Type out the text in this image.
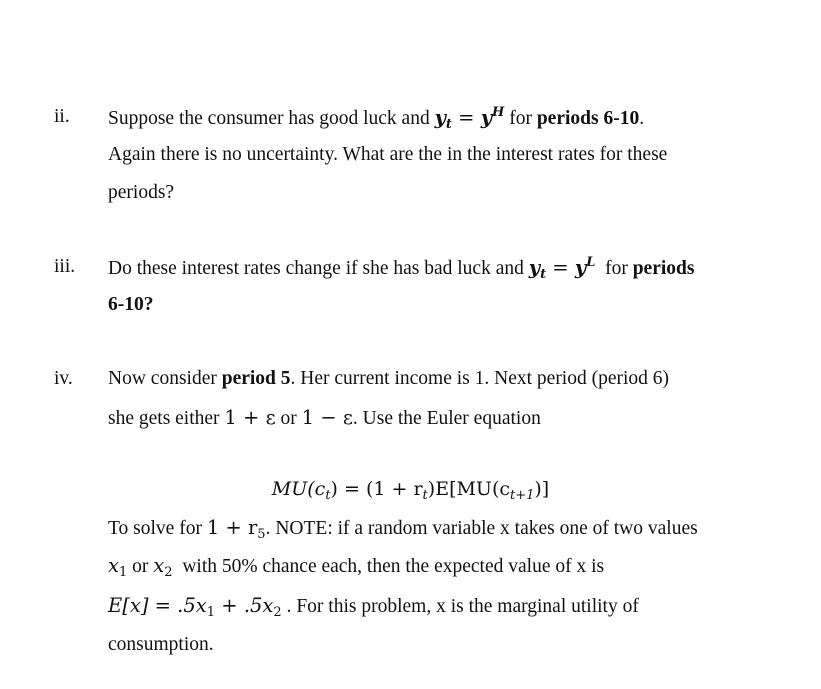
ii. Suppose the consumer has good luck and $y_t = y^H$ for periods 6-10.
Again there is no uncertainty. What are the in the interest rates for these
periods?
iii. Do these interest rates change if she has bad luck and $y_t = y^L$  for periods
6-10?
iv. Now consider period 5. Her current income is 1. Next period (period 6)
she gets either 1 + ε or 1 − ε. Use the Euler equation
$MU(c_t) = (1 + r_t)E[MU(c_{t+1})]$
To solve for $1 + r_5$. NOTE: if a random variable x takes one of two values
$x_1$ or $x_2$  with 50% chance each, then the expected value of x is
$E[x] = .5x_1 + .5x_2$ . For this problem, x is the marginal utility of
consumption.
